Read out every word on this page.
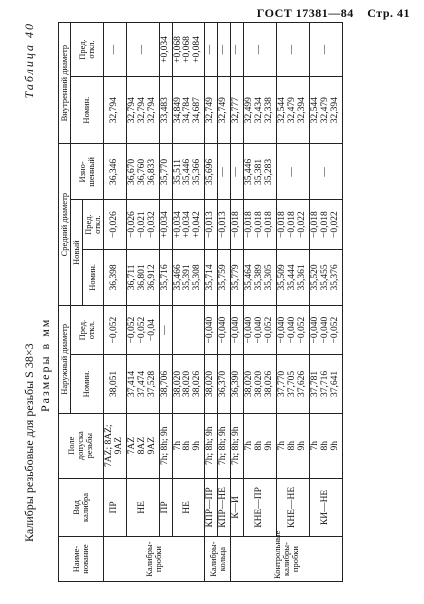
ГОСТ 17381—84 Стр. 41
Калибры резьбовые для резьбы S 38×3
Таблица 40
Размеры в мм
Наиме-
нование	Вид
калибра	Поле
допуска
резьбы	Наружный диаметр		Средний диаметр			Внутренний диаметр	
			Номин.	Пред.
откл.	Новый		Изно-
шенный	Номин.	Пред.
откл.
					Номин.	Пред.
откл.			
Калибры-
пробки	ПР	7AZ; 8AZ; 9AZ	38,051	−0,052	36,398	−0,026	36,346	32,794	—
	НЕ	7AZ
8AZ
9AZ	37,414
37,474
37,528	−0,052
−0,052
−0,04	36,711
36,801
36,912	−0,026
−0,021
−0,032	36,670
36,760
36,833	32,794
32,794
32,794	—
	ПР	7h; 8h; 9h	38,706	—	35,716	+0,034	35,770	33,483	+0,034
	НЕ	7h
8h
9h	38,020
38,020
38,026		35,466
35,391
35,308	+0,034
+0,034
+0,042	35,511
35,446
35,366	34,849
34,784
34,687	+0,068
+0,068
+0,084
Калибры-
кольца	КПР—ПР	7h; 8h; 9h	38,020	−0,040	35,714	−0,013	35,696	32,749	—
	КПР—НЕ	7h; 8h; 9h	36,370	−0,040	35,759	−0,013	—	32,749	—
Контрольные калибры-пробки	К—И	7h; 8h; 9h	36,390	−0,040	35,779	−0,018	—	32,777	—
	КНЕ—ПР	7h
8h
9h	38,020
38,020
38,026	−0,040
−0,040
−0,052	35,464
35,389
35,305	−0,018
−0,018
−0,018	35,446
35,381
35,283	32,499
32,434
32,338	—
	КНЕ—НЕ	7h
8h
9h	37,770
37,705
37,626	−0,040
−0,040
−0,052	35,509
35,444
35,361	−0,018
−0,018
−0,022	—	32,544
32,479
32,394	—
	КИ—НЕ	7h
8h
9h	37,781
37,716
37,641	−0,040
−0,040
−0,052	35,520
35,455
35,376	−0,018
−0,018
−0,022	—	32,544
32,479
32,394	—
